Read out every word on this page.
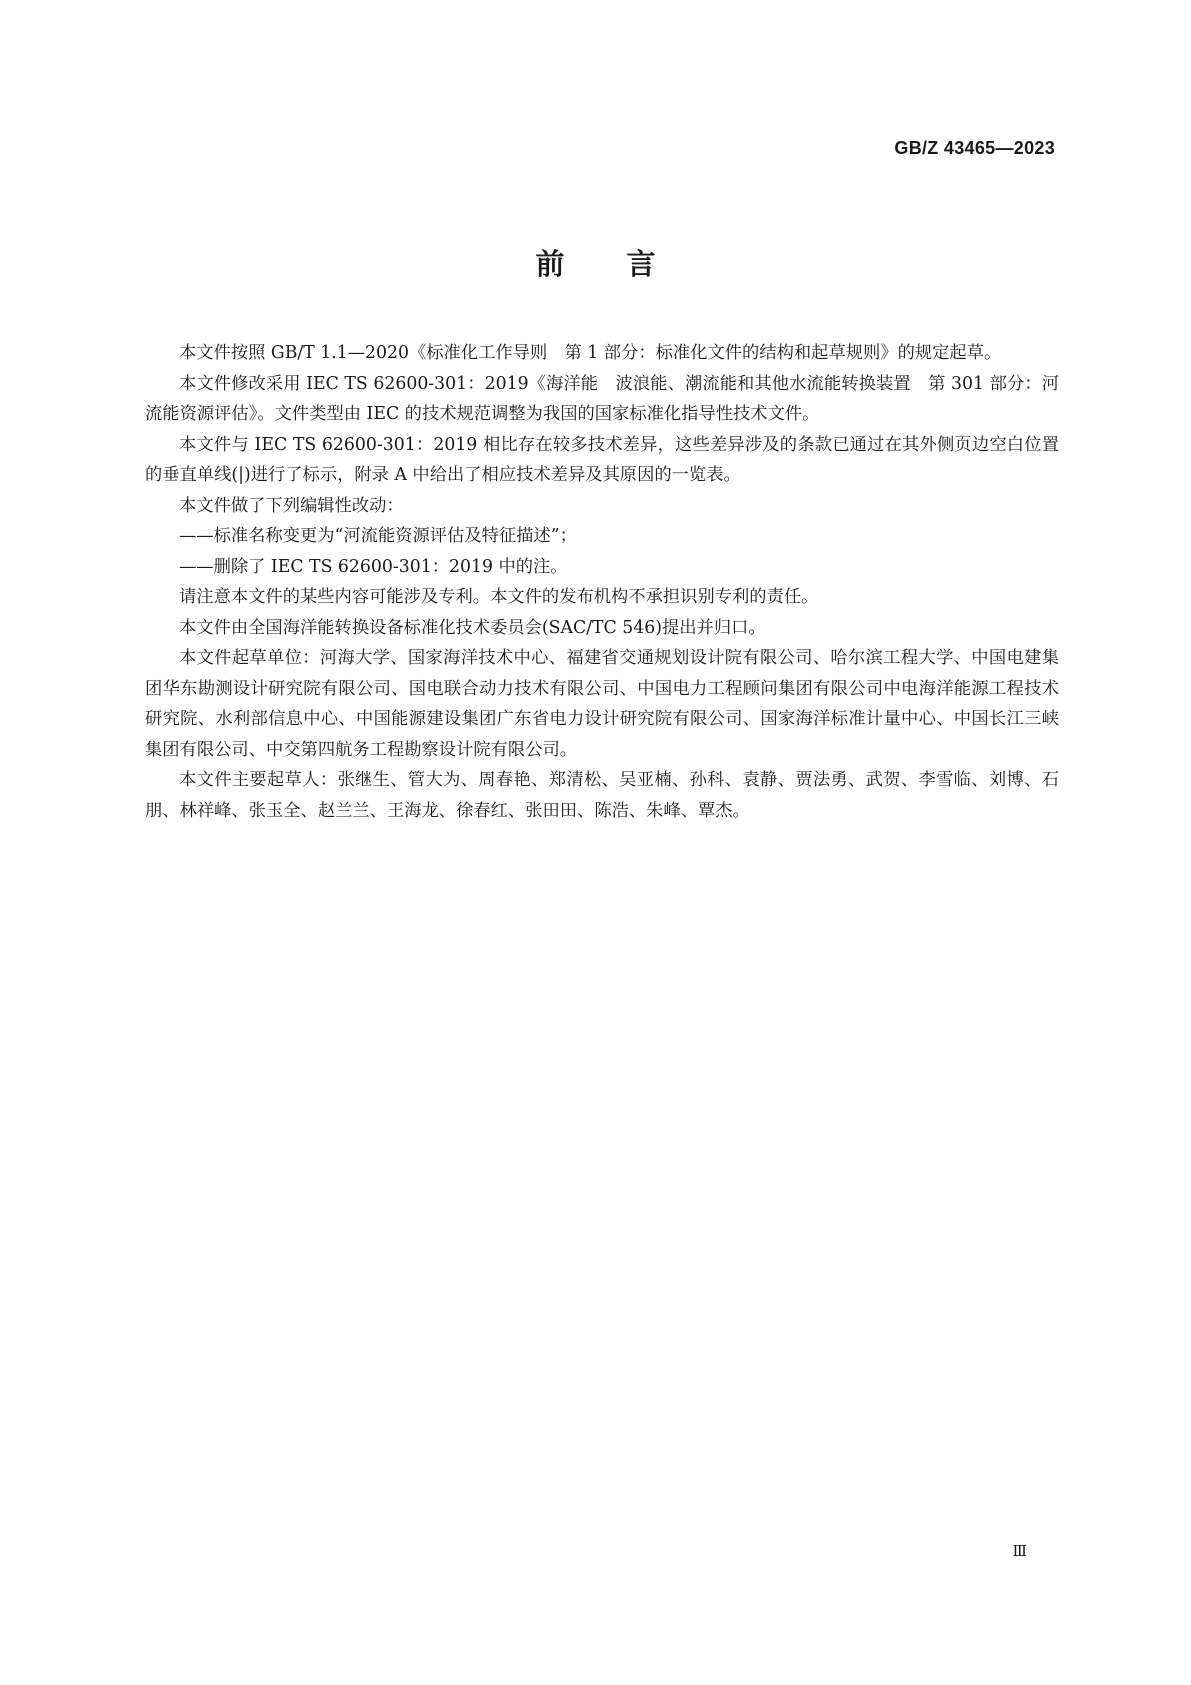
GB/Z 43465—2023
前言

本文件按照 GB/T 1.1—2020《标准化工作导则　第 1 部分：标准化文件的结构和起草规则》的规定起草。

本文件修改采用 IEC TS 62600-301：2019《海洋能　波浪能、潮流能和其他水流能转换装置　第 301 部分：河流能资源评估》。文件类型由 IEC 的技术规范调整为我国的国家标准化指导性技术文件。

本文件与 IEC TS 62600-301：2019 相比存在较多技术差异，这些差异涉及的条款已通过在其外侧页边空白位置的垂直单线(|)进行了标示，附录 A 中给出了相应技术差异及其原因的一览表。

本文件做了下列编辑性改动：

——标准名称变更为“河流能资源评估及特征描述”；

——删除了 IEC TS 62600-301：2019 中的注。

请注意本文件的某些内容可能涉及专利。本文件的发布机构不承担识别专利的责任。

本文件由全国海洋能转换设备标准化技术委员会(SAC/TC 546)提出并归口。

本文件起草单位：河海大学、国家海洋技术中心、福建省交通规划设计院有限公司、哈尔滨工程大学、中国电建集团华东勘测设计研究院有限公司、国电联合动力技术有限公司、中国电力工程顾问集团有限公司中电海洋能源工程技术研究院、水利部信息中心、中国能源建设集团广东省电力设计研究院有限公司、国家海洋标准计量中心、中国长江三峡集团有限公司、中交第四航务工程勘察设计院有限公司。

本文件主要起草人：张继生、管大为、周春艳、郑清松、吴亚楠、孙科、袁静、贾法勇、武贺、李雪临、刘博、石朋、林祥峰、张玉全、赵兰兰、王海龙、徐春红、张田田、陈浩、朱峰、覃杰。

Ⅲ
